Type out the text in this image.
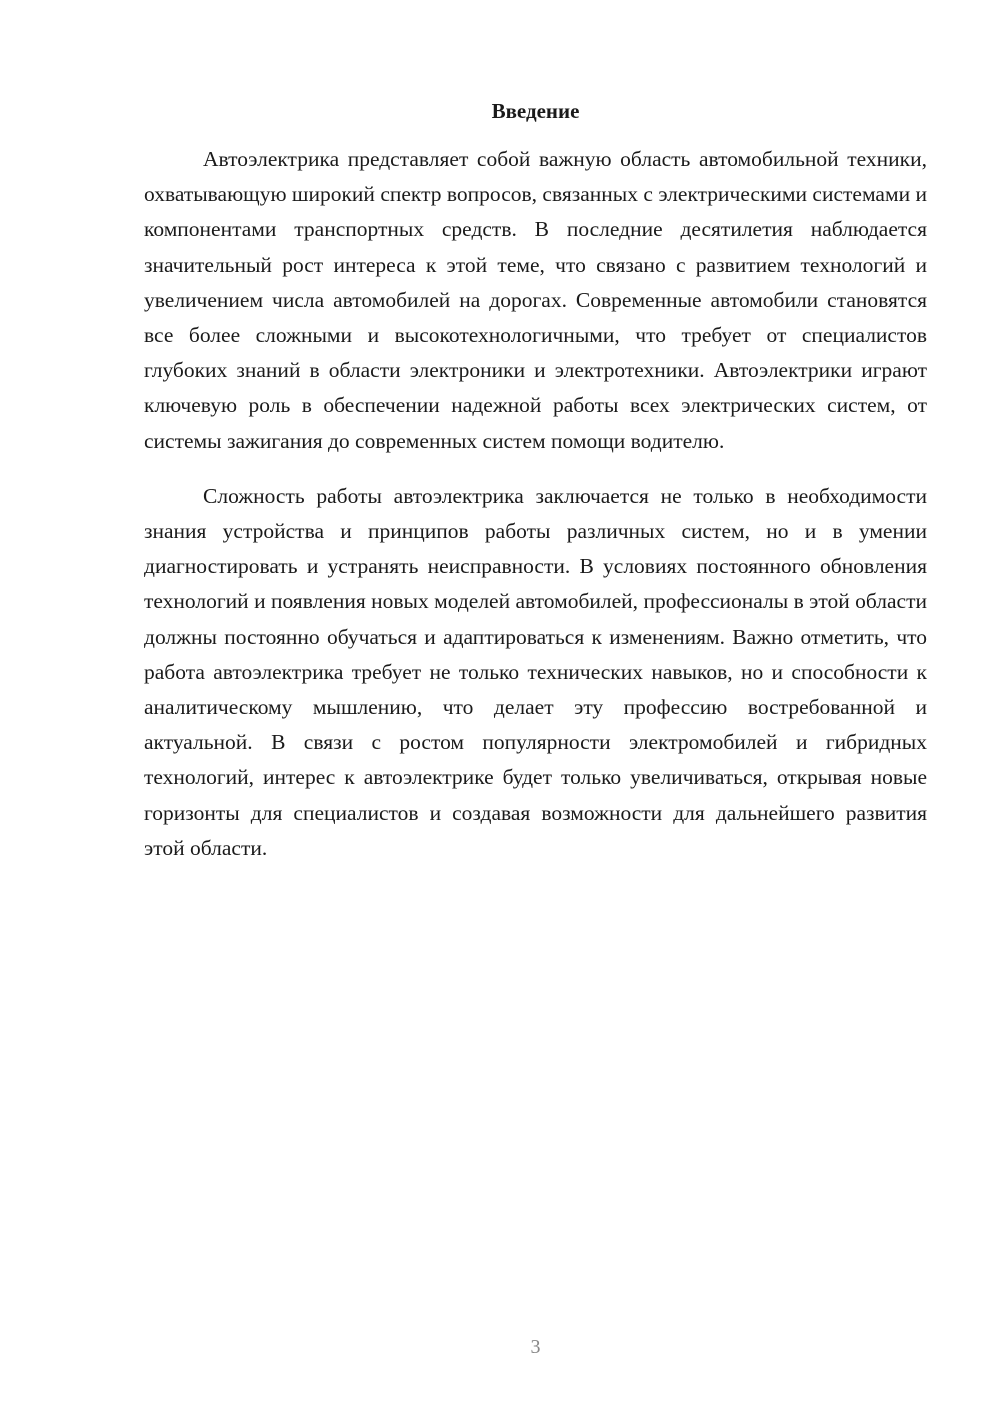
Введение

Автоэлектрика представляет собой важную область автомобильной техники, охватывающую широкий спектр вопросов, связанных с электрическими системами и компонентами транспортных средств. В последние десятилетия наблюдается значительный рост интереса к этой теме, что связано с развитием технологий и увеличением числа автомобилей на дорогах. Современные автомобили становятся все более сложными и высокотехнологичными, что требует от специалистов глубоких знаний в области электроники и электротехники. Автоэлектрики играют ключевую роль в обеспечении надежной работы всех электрических систем, от системы зажигания до современных систем помощи водителю.

Сложность работы автоэлектрика заключается не только в необходимости знания устройства и принципов работы различных систем, но и в умении диагностировать и устранять неисправности. В условиях постоянного обновления технологий и появления новых моделей автомобилей, профессионалы в этой области должны постоянно обучаться и адаптироваться к изменениям. Важно отметить, что работа автоэлектрика требует не только технических навыков, но и способности к аналитическому мышлению, что делает эту профессию востребованной и актуальной. В связи с ростом популярности электромобилей и гибридных технологий, интерес к автоэлектрике будет только увеличиваться, открывая новые горизонты для специалистов и создавая возможности для дальнейшего развития этой области.

3
